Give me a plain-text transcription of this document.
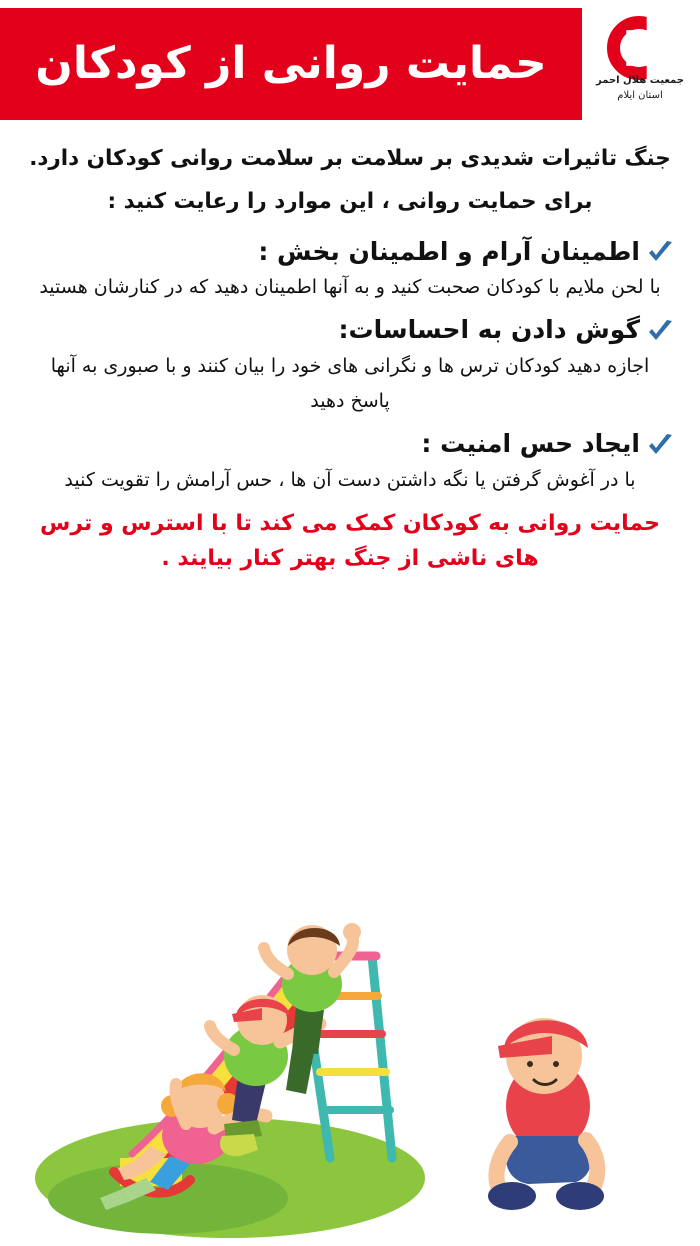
جمعیت هلال احمر
استان ایلام
حمایت روانی از کودکان

جنگ تاثیرات شدیدی بر سلامت بر سلامت روانی کودکان دارد.

برای حمایت روانی ، این موارد را رعایت کنید :

اطمینان آرام و اطمینان بخش :
با لحن ملایم با کودکان صحبت کنید و به آنها اطمینان دهید که در کنارشان هستید
گوش دادن به احساسات:
اجازه دهید کودکان ترس ها و نگرانی های خود را بیان کنند و با صبوری به آنها پاسخ دهید
ایجاد حس امنیت :
با در آغوش گرفتن یا نگه داشتن دست آن ها ، حس آرامش را تقویت کنید

حمایت روانی به کودکان کمک می کند تا با استرس و ترس های ناشی از جنگ بهتر کنار بیایند .
